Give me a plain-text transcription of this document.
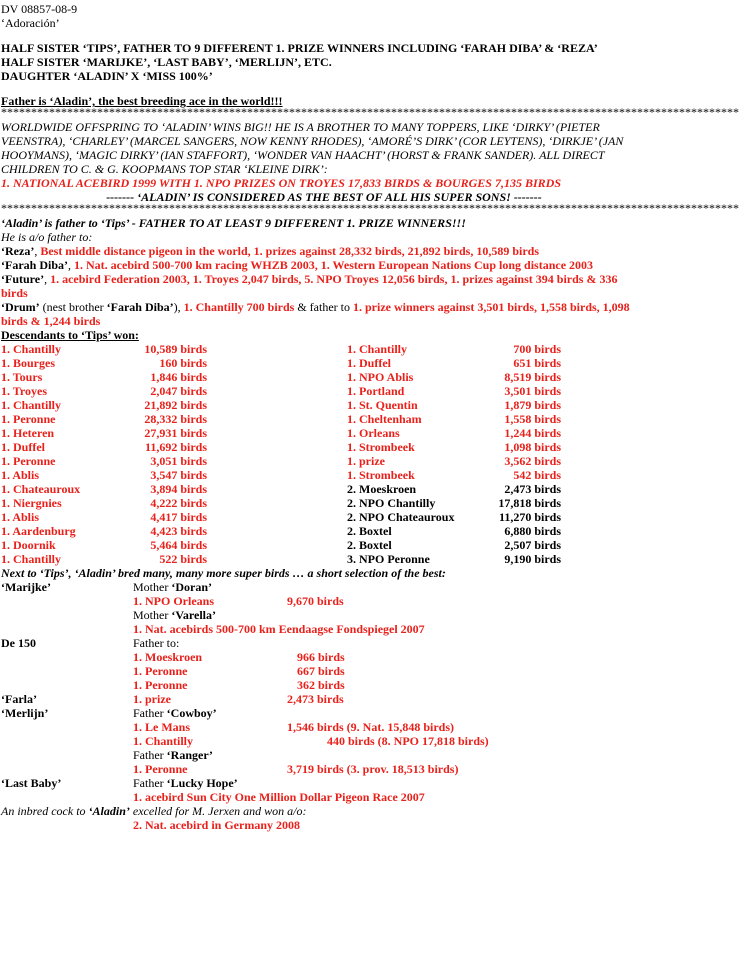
DV 08857-08-9
‘Adoración’
HALF SISTER ‘TIPS’, FATHER TO 9 DIFFERENT 1. PRIZE WINNERS INCLUDING ‘FARAH DIBA’ & ‘REZA’
HALF SISTER ‘MARIJKE’, ‘LAST BABY’, ‘MERLIJN’, ETC.
DAUGHTER ‘ALADIN’ X ‘MISS 100%’
Father is ‘Aladin’, the best breeding ace in the world!!!
***************************************************************************************************************************
WORLDWIDE OFFSPRING TO ‘ALADIN’ WINS BIG!! HE IS A BROTHER TO MANY TOPPERS, LIKE ‘DIRKY’ (PIETER VEENSTRA), ‘CHARLEY’ (MARCEL SANGERS, NOW KENNY RHODES), ‘AMORÉ’S DIRK’ (COR LEYTENS), ‘DIRKJE’ (JAN HOOYMANS), ‘MAGIC DIRKY’ (IAN STAFFORT), ‘WONDER VAN HAACHT’ (HORST & FRANK SANDER). ALL DIRECT CHILDREN TO C. & G. KOOPMANS TOP STAR ‘KLEINE DIRK’:
1. NATIONAL ACEBIRD 1999 WITH 1. NPO PRIZES ON TROYES 17,833 BIRDS & BOURGES 7,135 BIRDS
------- ‘ALADIN’ IS CONSIDERED AS THE BEST OF ALL HIS SUPER SONS! -------
***************************************************************************************************************************
‘Aladin’ is father to ‘Tips’ - FATHER TO AT LEAST 9 DIFFERENT 1. PRIZE WINNERS!!!
He is a/o father to:
‘Reza’, Best middle distance pigeon in the world, 1. prizes against 28,332 birds, 21,892 birds, 10,589 birds
‘Farah Diba’, 1. Nat. acebird 500-700 km racing WHZB 2003, 1. Western European Nations Cup long distance 2003
‘Future’, 1. acebird Federation 2003, 1. Troyes 2,047 birds, 5. NPO Troyes 12,056 birds, 1. prizes against 394 birds & 336 birds
‘Drum’ (nest brother ‘Farah Diba’), 1. Chantilly 700 birds & father to 1. prize winners against 3,501 birds, 1,558 birds, 1,098 birds & 1,244 birds
Descendants to ‘Tips’ won:
1. Chantilly	10,589 birds
1. Bourges	160 birds
1. Tours	1,846 birds
1. Troyes	2,047 birds
1. Chantilly	21,892 birds
1. Peronne	28,332 birds
1. Heteren	27,931 birds
1. Duffel	11,692 birds
1. Peronne	3,051 birds
1. Ablis	3,547 birds
1. Chateauroux	3,894 birds
1. Niergnies	4,222 birds
1. Ablis	4,417 birds
1. Aardenburg	4,423 birds
1. Doornik	5,464 birds
1. Chantilly	522 birds
1. Chantilly	700 birds
1. Duffel	651 birds
1. NPO Ablis	8,519 birds
1. Portland	3,501 birds
1. St. Quentin	1,879 birds
1. Cheltenham	1,558 birds
1. Orleans	1,244 birds
1. Strombeek	1,098 birds
1. prize	3,562 birds
1. Strombeek	542 birds
2. Moeskroen	2,473 birds
2. NPO Chantilly	17,818 birds
2. NPO Chateauroux	11,270 birds
2. Boxtel	6,880 birds
2. Boxtel	2,507 birds
3. NPO Peronne	9,190 birds
Next to ‘Tips’, ‘Aladin’ bred many, many more super birds … a short selection of the best:
‘Marijke’	Mother ‘Doran’
1. NPO Orleans	9,670 birds
Mother ‘Varella’
1. Nat. acebirds 500-700 km Eendaagse Fondspiegel 2007
De 150	Father to:
1. Moeskroen	966 birds
1. Peronne	667 birds
1. Peronne	362 birds
‘Farla’	1. prize	2,473 birds
‘Merlijn’	Father ‘Cowboy’
1. Le Mans	1,546 birds (9. Nat. 15,848 birds)
1. Chantilly	440 birds (8. NPO 17,818 birds)
Father ‘Ranger’
1. Peronne	3,719 birds (3. prov. 18,513 birds)
‘Last Baby’	Father ‘Lucky Hope’
1. acebird Sun City One Million Dollar Pigeon Race 2007
An inbred cock to ‘Aladin’ excelled for M. Jerxen and won a/o:
2. Nat. acebird in Germany 2008
